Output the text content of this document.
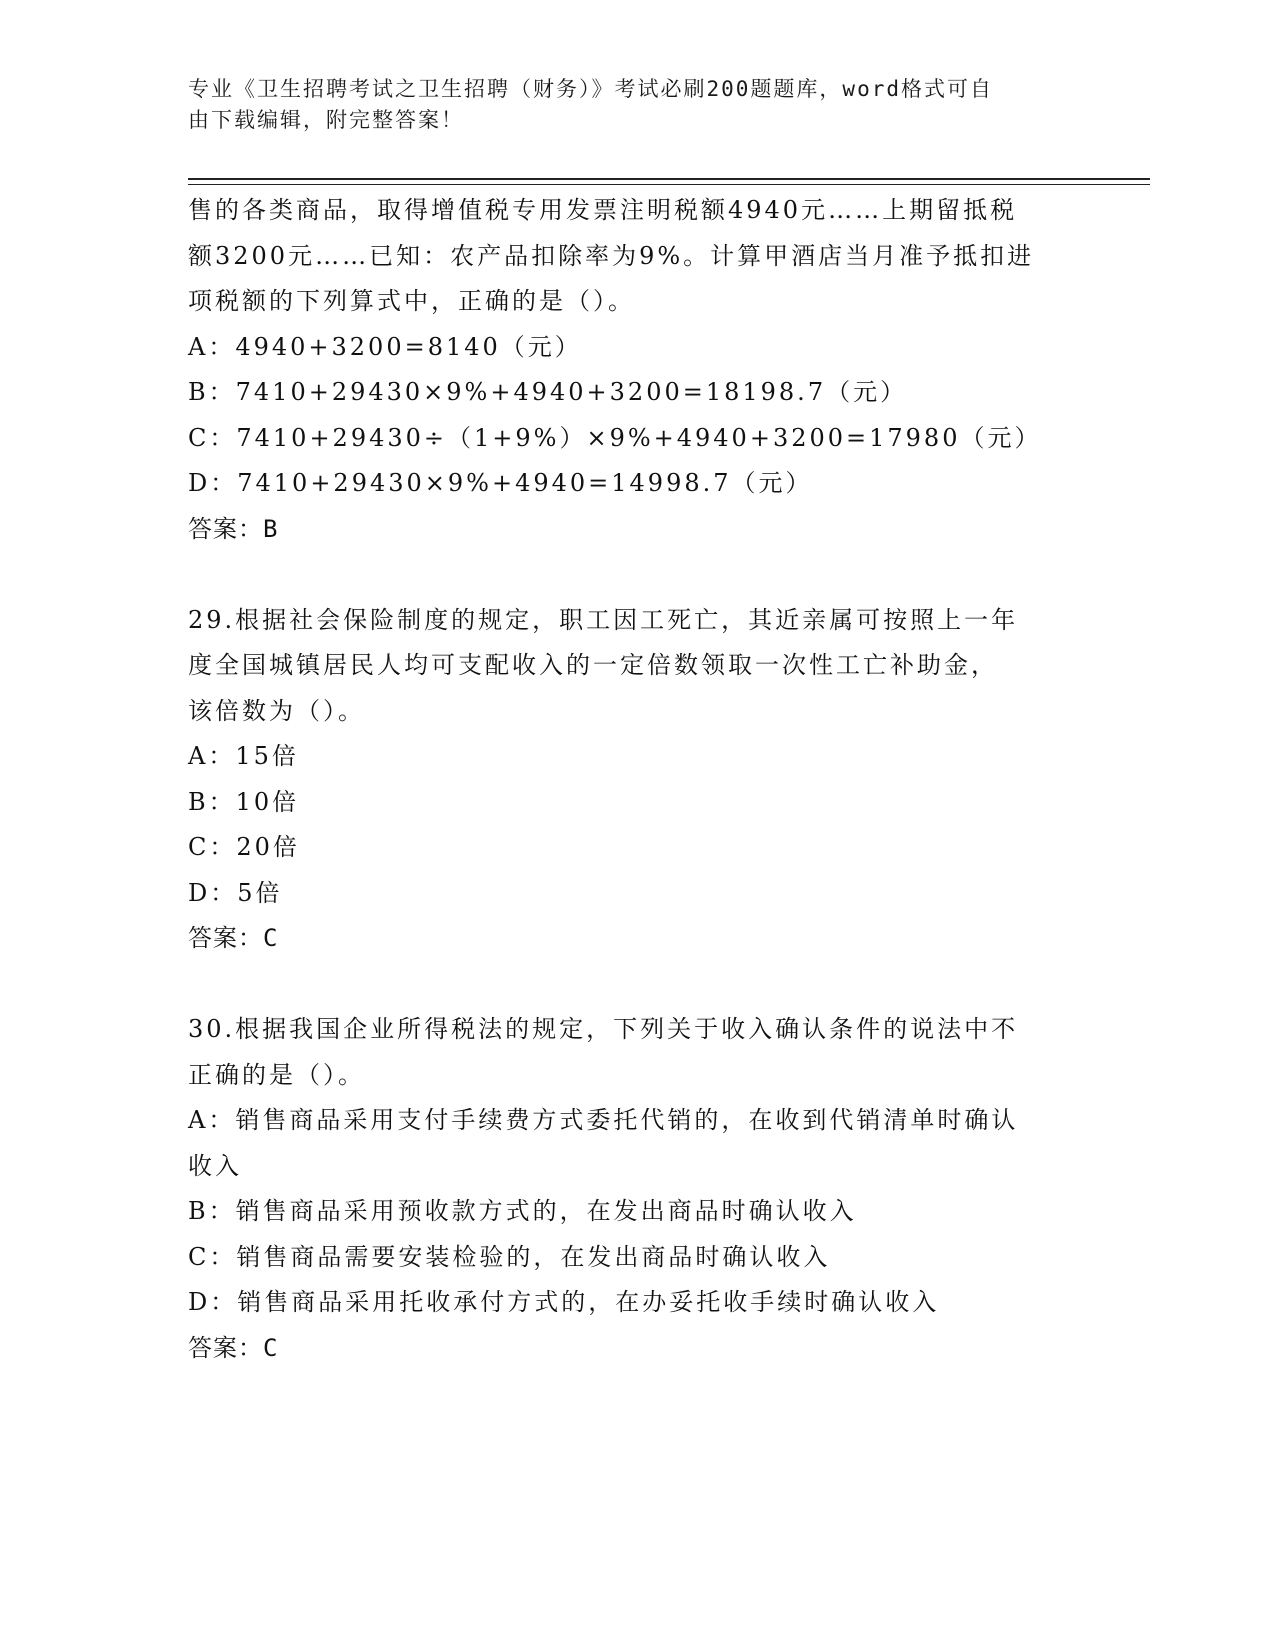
专业《卫生招聘考试之卫生招聘（财务）》考试必刷200题题库，word格式可自
由下载编辑，附完整答案！
售的各类商品，取得增值税专用发票注明税额4940元……上期留抵税
额3200元……已知：农产品扣除率为9%。计算甲酒店当月准予抵扣进
项税额的下列算式中，正确的是（）。
A：4940+3200=8140（元）
B：7410+29430×9%+4940+3200=18198.7（元）
C：7410+29430÷（1+9%）×9%+4940+3200=17980（元）
D：7410+29430×9%+4940=14998.7（元）
答案：B
29.根据社会保险制度的规定，职工因工死亡，其近亲属可按照上一年
度全国城镇居民人均可支配收入的一定倍数领取一次性工亡补助金，
该倍数为（）。
A：15倍
B：10倍
C：20倍
D：5倍
答案：C
30.根据我国企业所得税法的规定，下列关于收入确认条件的说法中不
正确的是（）。
A：销售商品采用支付手续费方式委托代销的，在收到代销清单时确认
收入
B：销售商品采用预收款方式的，在发出商品时确认收入
C：销售商品需要安装检验的，在发出商品时确认收入
D：销售商品采用托收承付方式的，在办妥托收手续时确认收入
答案：C
